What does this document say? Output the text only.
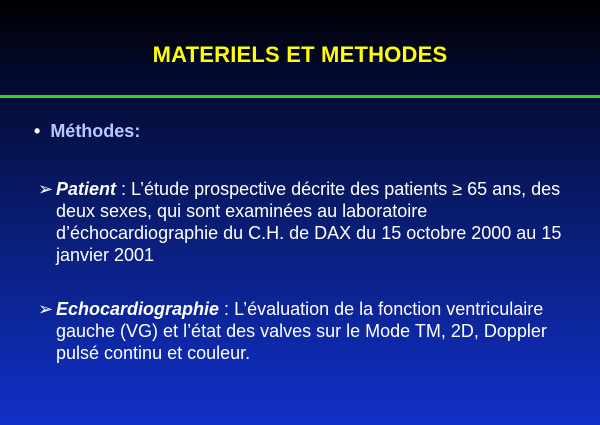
MATERIELS ET METHODES
• Méthodes:
➢ Patient : L’étude prospective décrite des patients ≥ 65 ans, des deux sexes, qui sont examinées au laboratoire d’échocardiographie du C.H. de DAX du 15 octobre 2000 au 15 janvier 2001
➢ Echocardiographie : L’évaluation de la fonction ventriculaire gauche (VG) et l’état des valves sur le Mode TM, 2D, Doppler pulsé continu et couleur.
